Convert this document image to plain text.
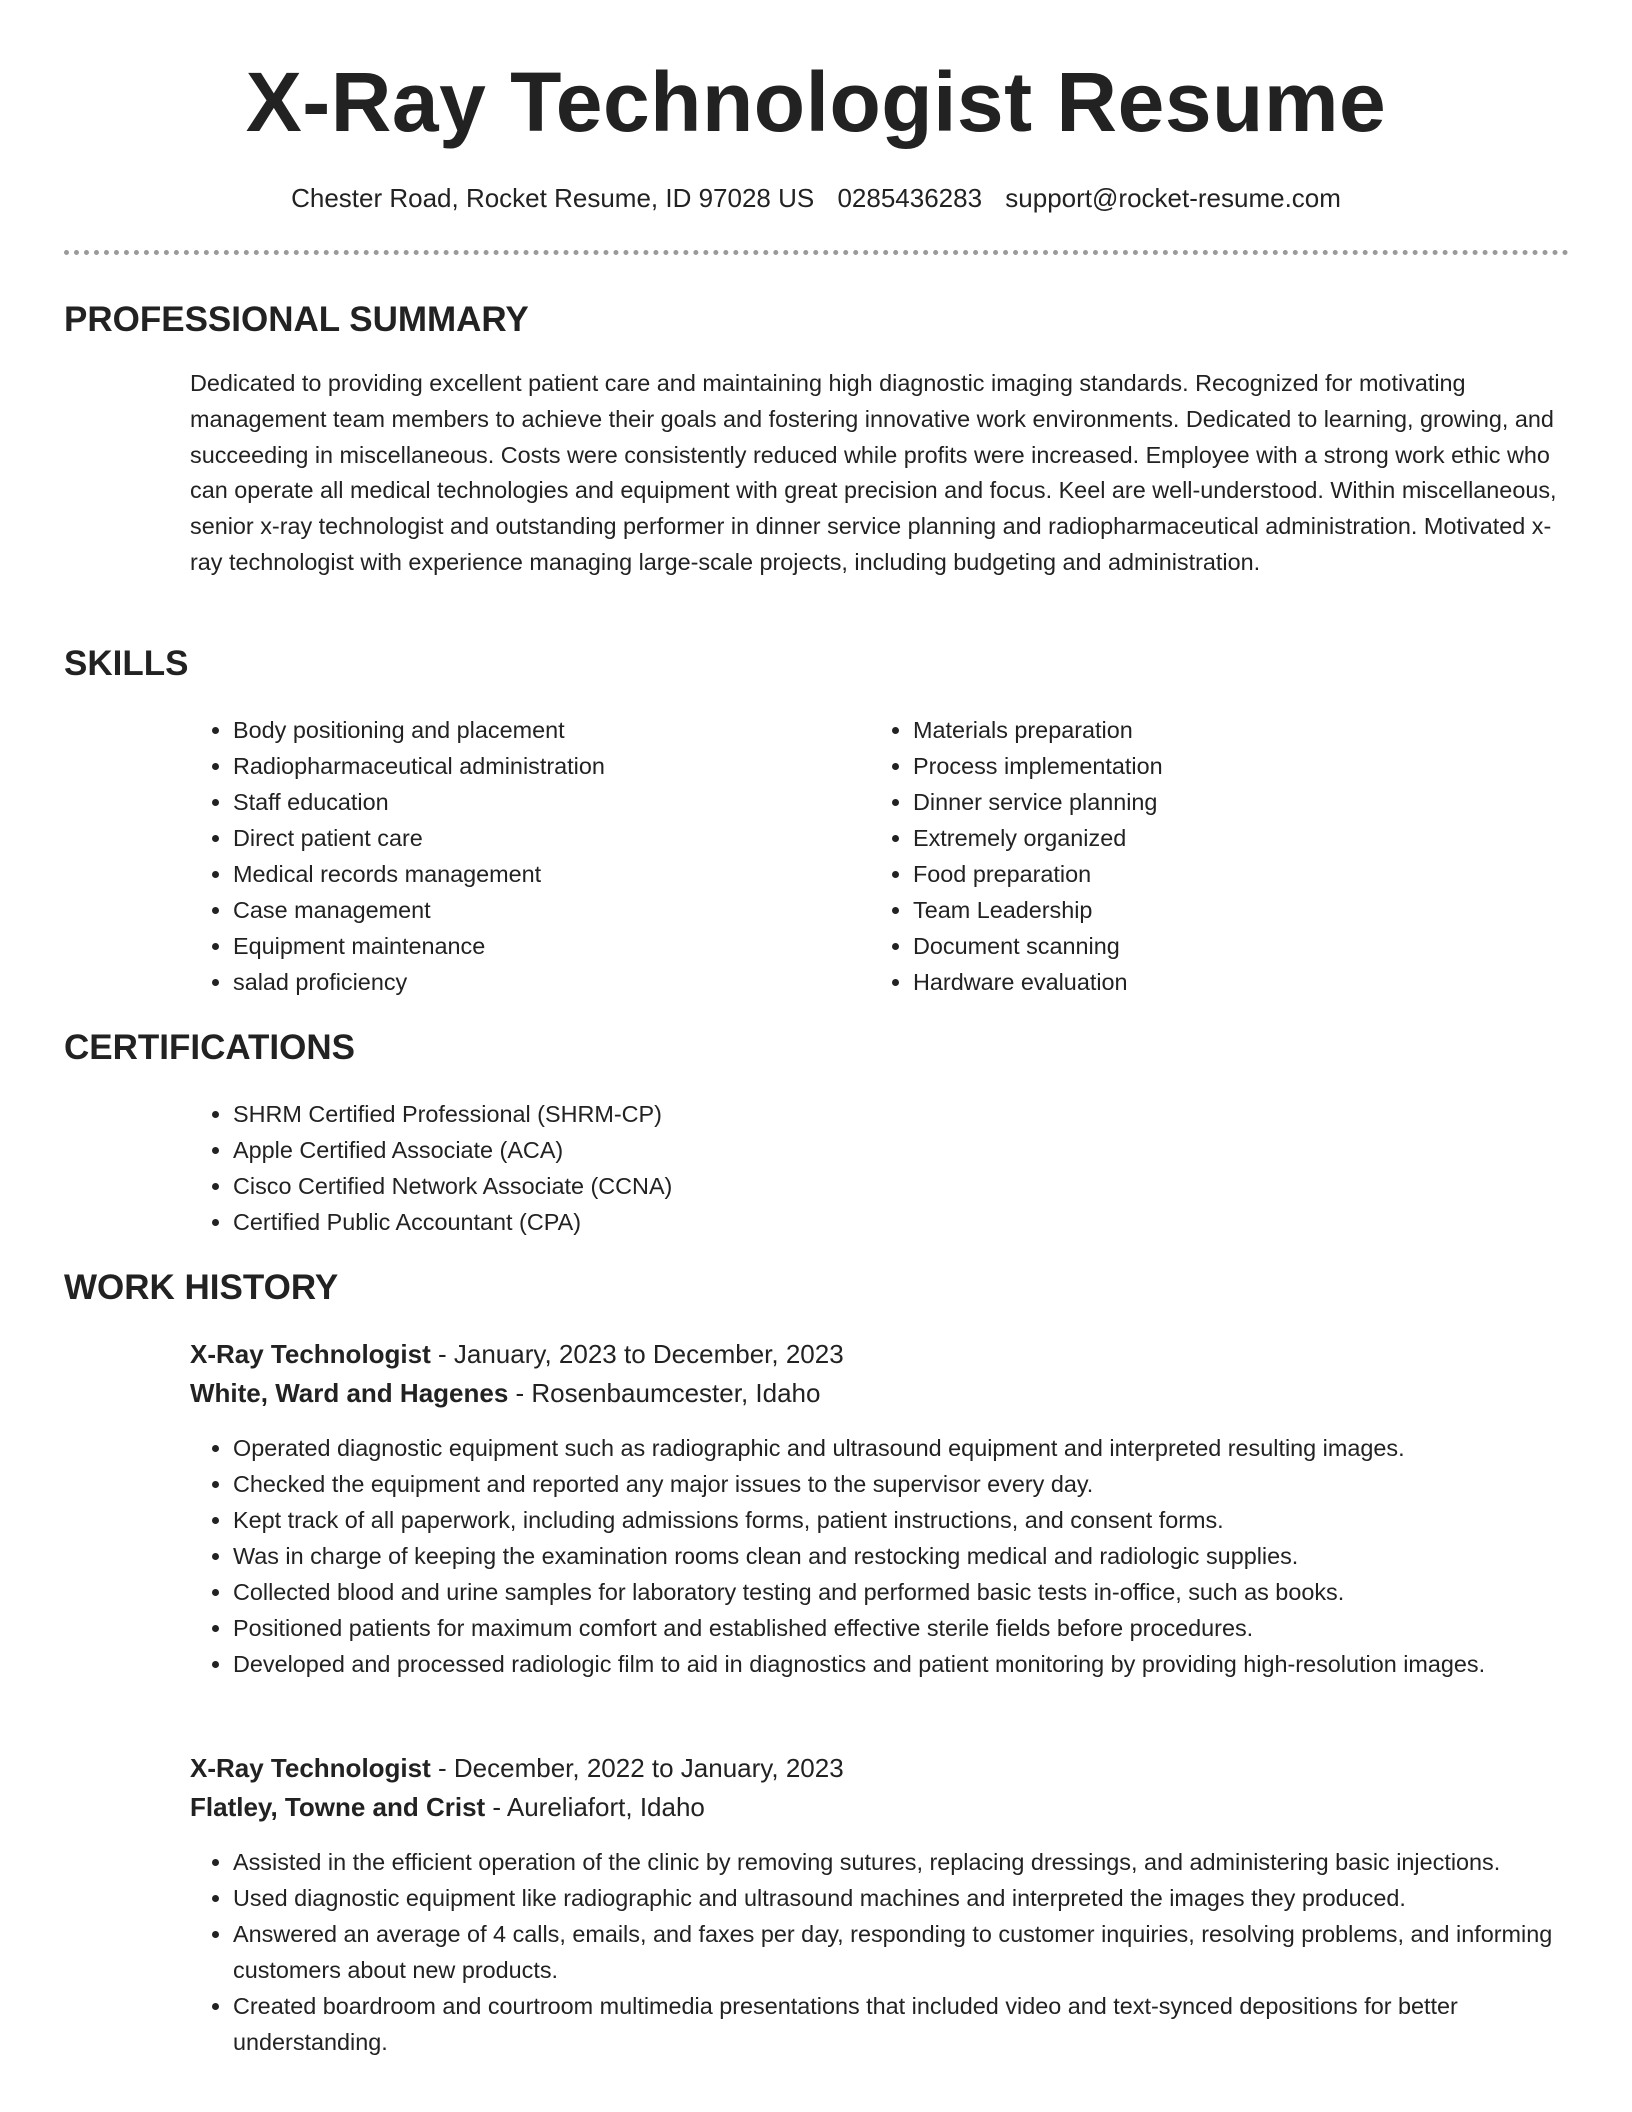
X-Ray Technologist Resume
Chester Road, Rocket Resume, ID 97028 US 0285436283 support@rocket-resume.com
PROFESSIONAL SUMMARY

Dedicated to providing excellent patient care and maintaining high diagnostic imaging standards. Recognized for motivating management team members to achieve their goals and fostering innovative work environments. Dedicated to learning, growing, and succeeding in miscellaneous. Costs were consistently reduced while profits were increased. Employee with a strong work ethic who can operate all medical technologies and equipment with great precision and focus. Keel are well-understood. Within miscellaneous, senior x-ray technologist and outstanding performer in dinner service planning and radiopharmaceutical administration. Motivated x-ray technologist with experience managing large-scale projects, including budgeting and administration.

SKILLS
• Body positioning and placement
• Radiopharmaceutical administration
• Staff education
• Direct patient care
• Medical records management
• Case management
• Equipment maintenance
• salad proficiency
• Materials preparation
• Process implementation
• Dinner service planning
• Extremely organized
• Food preparation
• Team Leadership
• Document scanning
• Hardware evaluation
CERTIFICATIONS
• SHRM Certified Professional (SHRM-CP)
• Apple Certified Associate (ACA)
• Cisco Certified Network Associate (CCNA)
• Certified Public Accountant (CPA)
WORK HISTORY
X-Ray Technologist - January, 2023 to December, 2023
White, Ward and Hagenes - Rosenbaumcester, Idaho
• Operated diagnostic equipment such as radiographic and ultrasound equipment and interpreted resulting images.
• Checked the equipment and reported any major issues to the supervisor every day.
• Kept track of all paperwork, including admissions forms, patient instructions, and consent forms.
• Was in charge of keeping the examination rooms clean and restocking medical and radiologic supplies.
• Collected blood and urine samples for laboratory testing and performed basic tests in-office, such as books.
• Positioned patients for maximum comfort and established effective sterile fields before procedures.
• Developed and processed radiologic film to aid in diagnostics and patient monitoring by providing high-resolution images.
X-Ray Technologist - December, 2022 to January, 2023
Flatley, Towne and Crist - Aureliafort, Idaho
• Assisted in the efficient operation of the clinic by removing sutures, replacing dressings, and administering basic injections.
• Used diagnostic equipment like radiographic and ultrasound machines and interpreted the images they produced.
• Answered an average of 4 calls, emails, and faxes per day, responding to customer inquiries, resolving problems, and informing customers about new products.
• Created boardroom and courtroom multimedia presentations that included video and text-synced depositions for better understanding.
